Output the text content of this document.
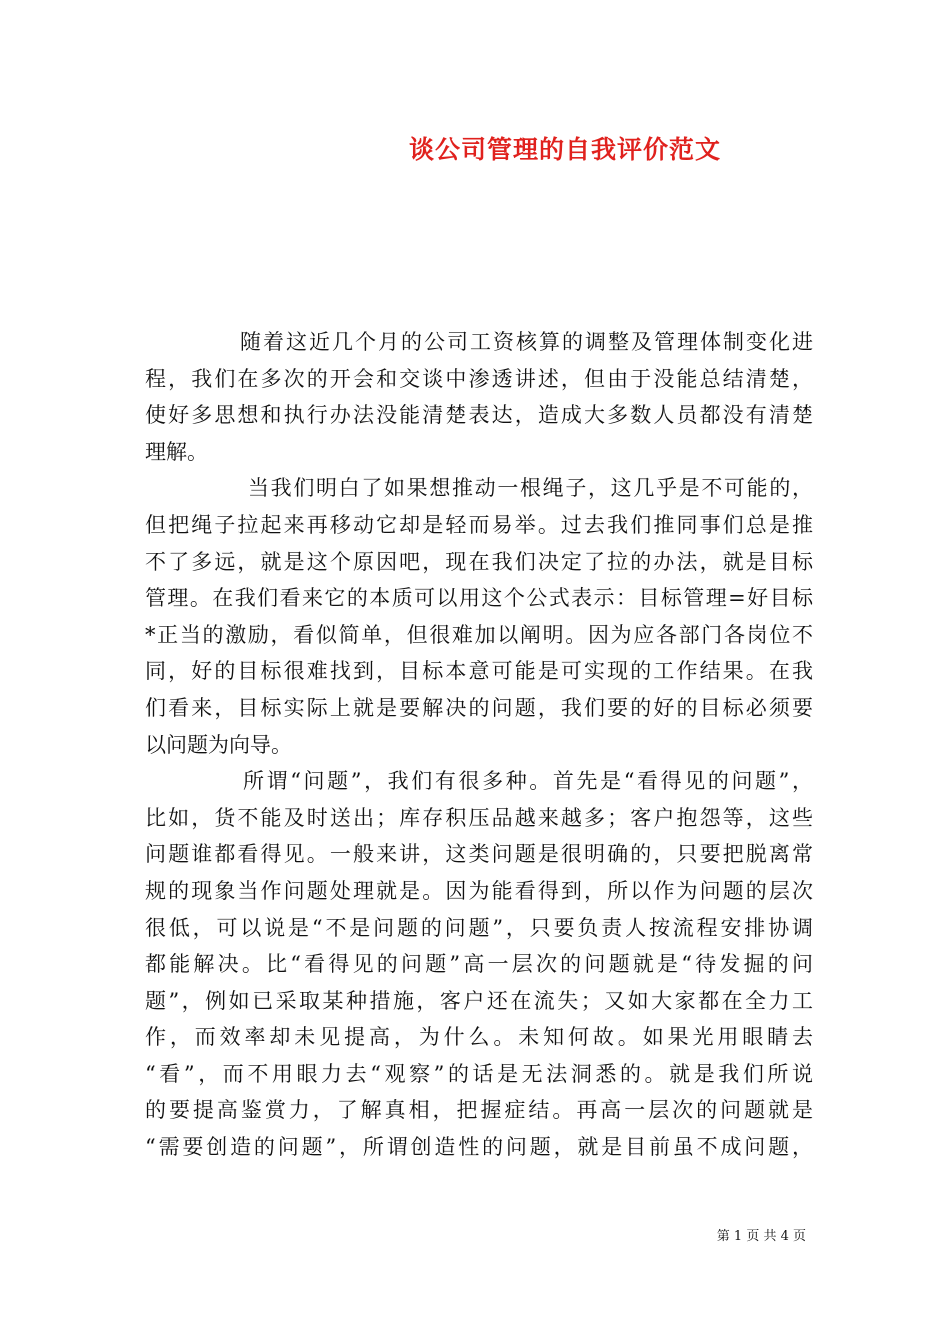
谈公司管理的自我评价范文
随着这近几个月的公司工资核算的调整及管理体制变化进
程，我们在多次的开会和交谈中渗透讲述，但由于没能总结清楚，
使好多思想和执行办法没能清楚表达，造成大多数人员都没有清楚
理解。
当我们明白了如果想推动一根绳子，这几乎是不可能的，
但把绳子拉起来再移动它却是轻而易举。过去我们推同事们总是推
不了多远，就是这个原因吧，现在我们决定了拉的办法，就是目标
管理。在我们看来它的本质可以用这个公式表示：目标管理=好目标
*正当的激励，看似简单，但很难加以阐明。因为应各部门各岗位不
同，好的目标很难找到，目标本意可能是可实现的工作结果。在我
们看来，目标实际上就是要解决的问题，我们要的好的目标必须要
以问题为向导。
所谓“问题”，我们有很多种。首先是“看得见的问题”，
比如，货不能及时送出；库存积压品越来越多；客户抱怨等，这些
问题谁都看得见。一般来讲，这类问题是很明确的，只要把脱离常
规的现象当作问题处理就是。因为能看得到，所以作为问题的层次
很低，可以说是“不是问题的问题”，只要负责人按流程安排协调
都能解决。比“看得见的问题”高一层次的问题就是“待发掘的问
题”，例如已采取某种措施，客户还在流失；又如大家都在全力工
作，而效率却未见提高，为什么。未知何故。如果光用眼睛去
“看”，而不用眼力去“观察”的话是无法洞悉的。就是我们所说
的要提高鉴赏力，了解真相，把握症结。再高一层次的问题就是
“需要创造的问题”，所谓创造性的问题，就是目前虽不成问题，
第 1 页 共 4 页
